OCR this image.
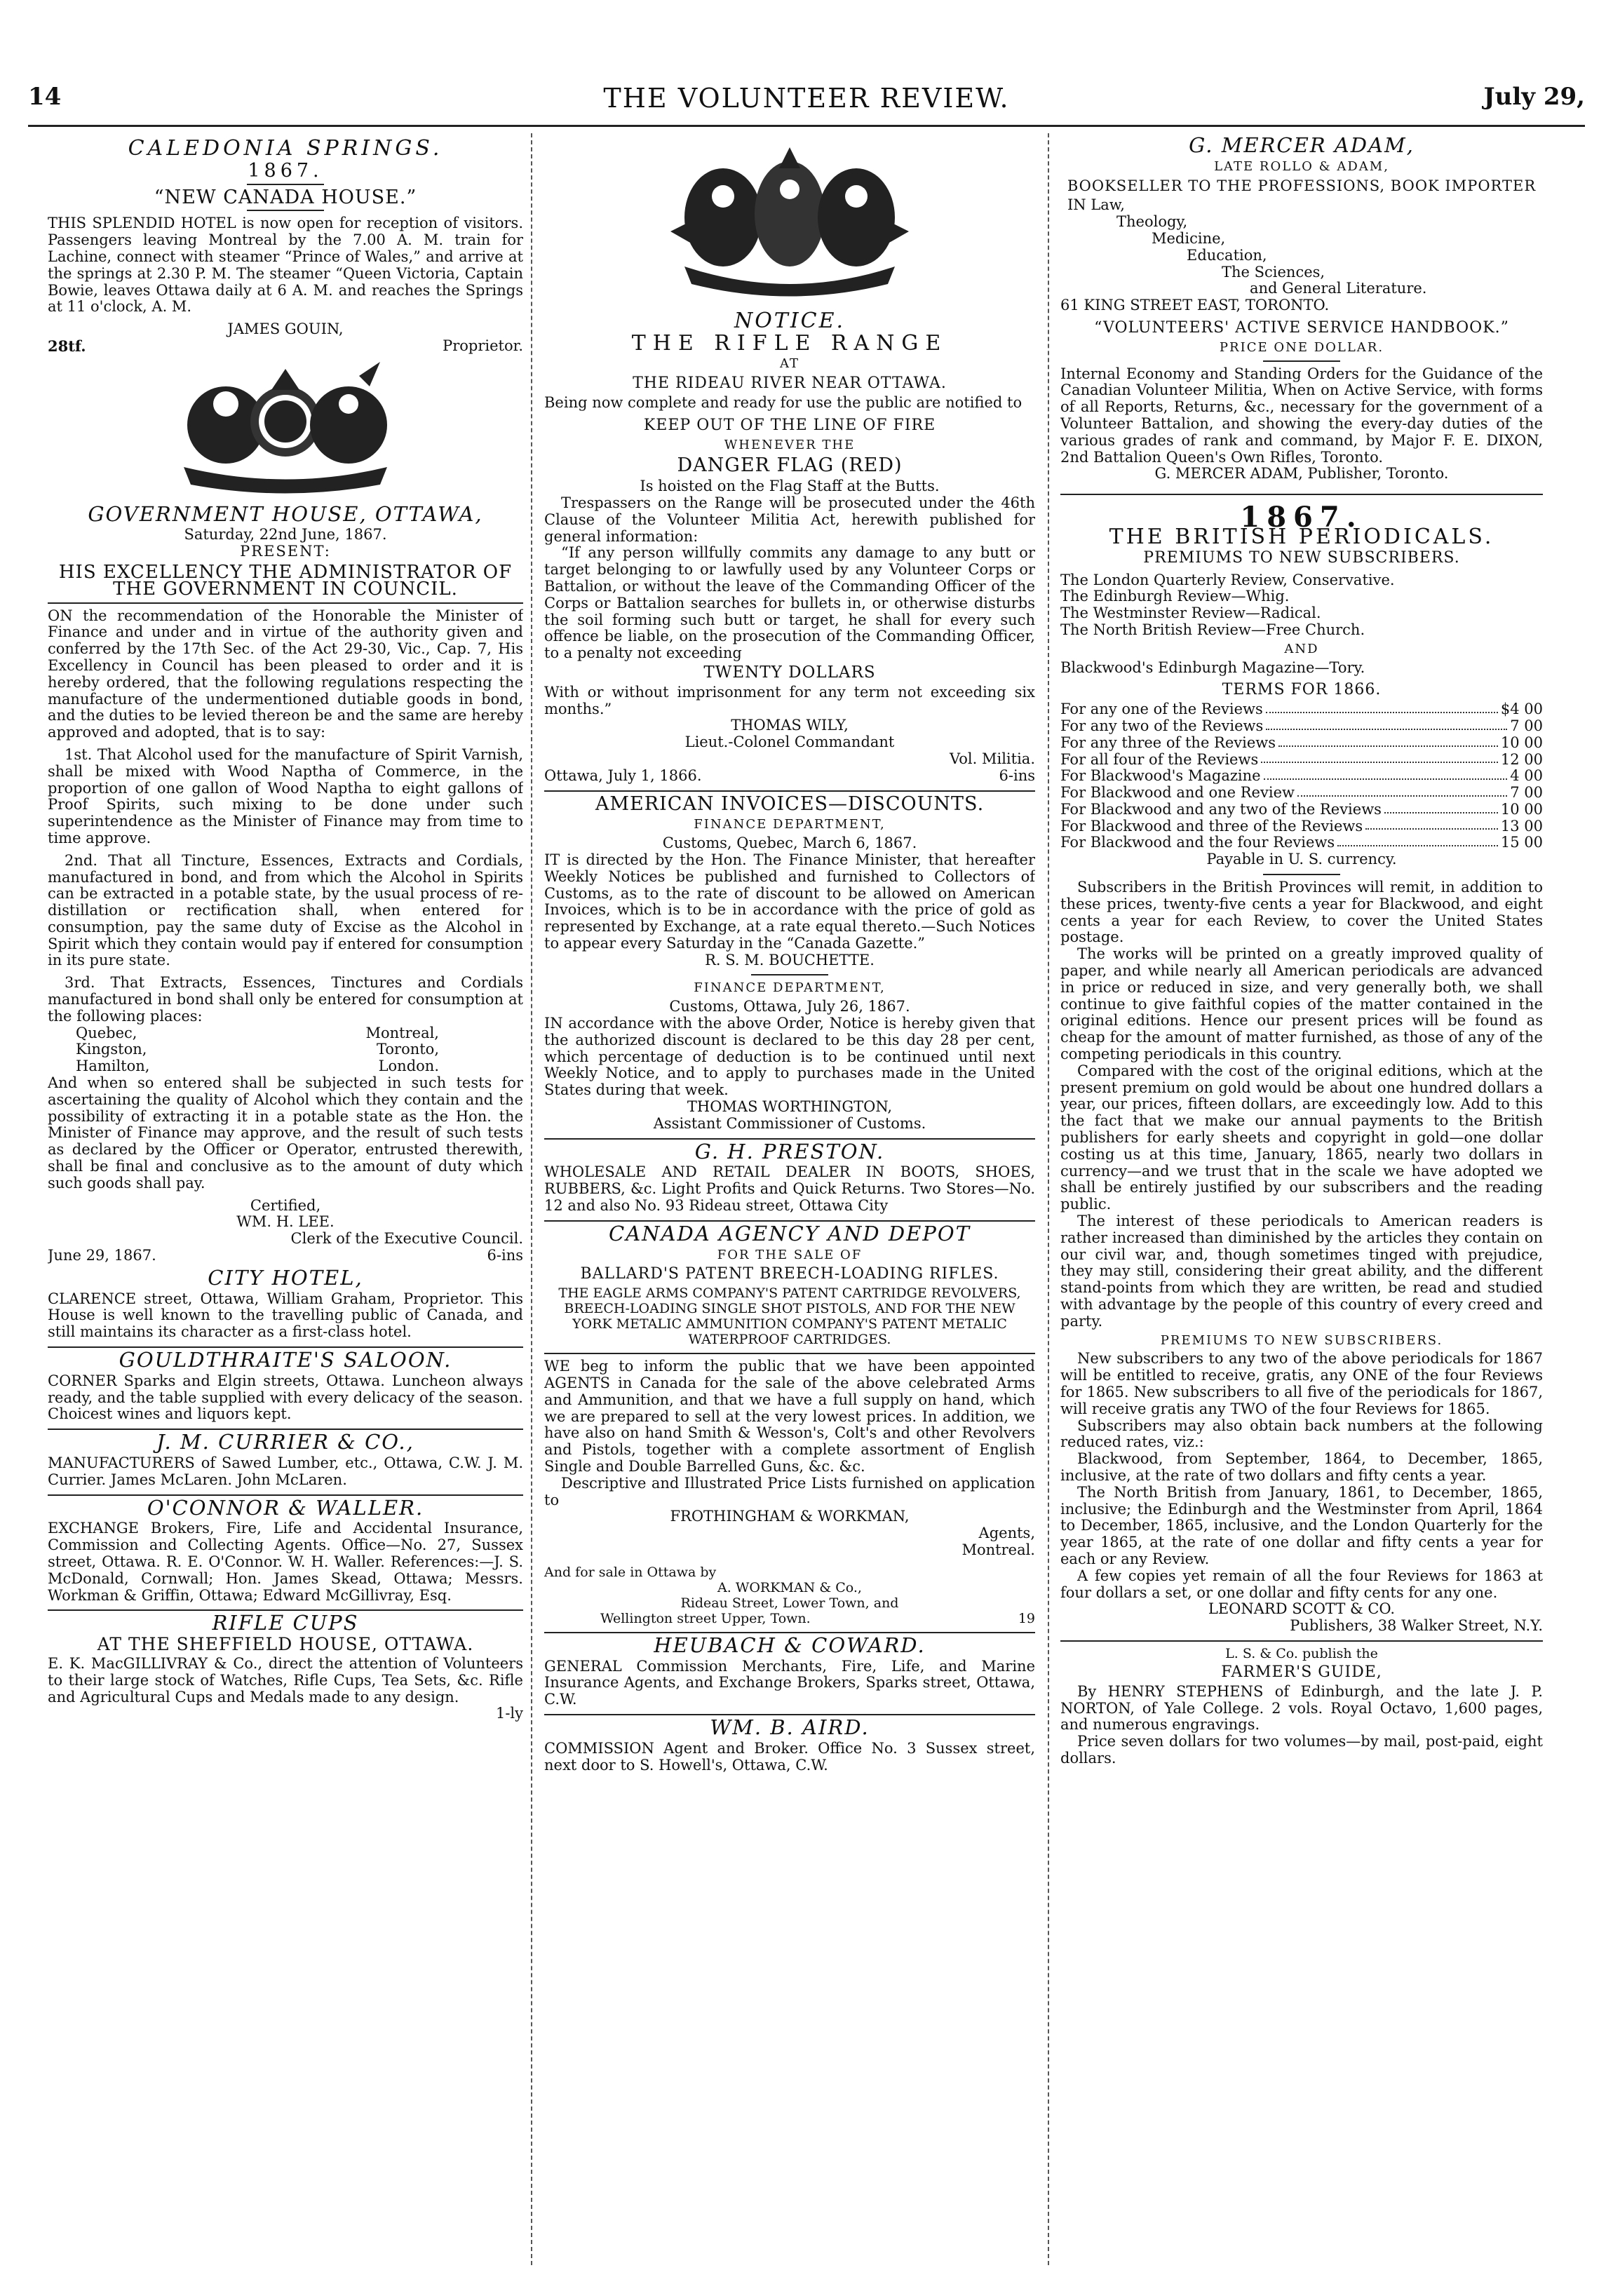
14	THE VOLUNTEER REVIEW.	July 29,
CALEDONIA SPRINGS.
1867.
“NEW CANADA HOUSE.”
THIS SPLENDID HOTEL is now open for reception of visitors. Passengers leaving Montreal by the 7.00 A. M. train for Lachine, connect with steamer “Prince of Wales,” and arrive at the springs at 2.30 P. M. The steamer “Queen Victoria, Captain Bowie, leaves Ottawa daily at 6 A. M. and reaches the Springs at 11 o'clock, A. M.
JAMES GOUIN,
28tf.	Proprietor.
GOVERNMENT HOUSE, OTTAWA,
Saturday, 22nd June, 1867.
PRESENT:
HIS EXCELLENCY THE ADMINISTRATOR OF THE GOVERNMENT IN COUNCIL.
ON the recommendation of the Honorable the Minister of Finance and under and in virtue of the authority given and conferred by the 17th Sec. of the Act 29-30, Vic., Cap. 7, His Excellency in Council has been pleased to order and it is hereby ordered, that the following regulations respecting the manufacture of the undermentioned dutiable goods in bond, and the duties to be levied thereon be and the same are hereby approved and adopted, that is to say:
1st. That Alcohol used for the manufacture of Spirit Varnish, shall be mixed with Wood Naptha of Commerce, in the proportion of one gallon of Wood Naptha to eight gallons of Proof Spirits, such mixing to be done under such superintendence as the Minister of Finance may from time to time approve.
2nd. That all Tincture, Essences, Extracts and Cordials, manufactured in bond, and from which the Alcohol in Spirits can be extracted in a potable state, by the usual process of re-distillation or rectification shall, when entered for consumption, pay the same duty of Excise as the Alcohol in Spirit which they contain would pay if entered for consumption in its pure state.
3rd. That Extracts, Essences, Tinctures and Cordials manufactured in bond shall only be entered for consumption at the following places:
Quebec,	Montreal,
Kingston,	Toronto,
Hamilton,	London.
And when so entered shall be subjected in such tests for ascertaining the quality of Alcohol which they contain and the possibility of extracting it in a potable state as the Hon. the Minister of Finance may approve, and the result of such tests as declared by the Officer or Operator, entrusted therewith, shall be final and conclusive as to the amount of duty which such goods shall pay.
Certified,
WM. H. LEE.
Clerk of the Executive Council.
June 29, 1867.	6-ins
CITY HOTEL,
CLARENCE street, Ottawa, William Graham, Proprietor. This House is well known to the travelling public of Canada, and still maintains its character as a first-class hotel.
GOULDTHRAITE'S SALOON.
CORNER Sparks and Elgin streets, Ottawa. Luncheon always ready, and the table supplied with every delicacy of the season. Choicest wines and liquors kept.
J. M. CURRIER & CO.,
MANUFACTURERS of Sawed Lumber, etc., Ottawa, C.W. J. M. Currier. James McLaren. John McLaren.
O'CONNOR & WALLER.
EXCHANGE Brokers, Fire, Life and Accidental Insurance, Commission and Collecting Agents. Office—No. 27, Sussex street, Ottawa. R. E. O'Connor. W. H. Waller. References:—J. S. McDonald, Cornwall; Hon. James Skead, Ottawa; Messrs. Workman & Griffin, Ottawa; Edward McGillivray, Esq.
RIFLE CUPS
AT THE SHEFFIELD HOUSE, OTTAWA.
E. K. MacGILLIVRAY & Co., direct the attention of Volunteers to their large stock of Watches, Rifle Cups, Tea Sets, &c. Rifle and Agricultural Cups and Medals made to any design.
1-ly
NOTICE.
THE RIFLE RANGE
AT
THE RIDEAU RIVER NEAR OTTAWA.
Being now complete and ready for use the public are notified to
KEEP OUT OF THE LINE OF FIRE
WHENEVER THE
DANGER FLAG (RED)
Is hoisted on the Flag Staff at the Butts.
Trespassers on the Range will be prosecuted under the 46th Clause of the Volunteer Militia Act, herewith published for general information:
“If any person willfully commits any damage to any butt or target belonging to or lawfully used by any Volunteer Corps or Battalion, or without the leave of the Commanding Officer of the Corps or Battalion searches for bullets in, or otherwise disturbs the soil forming such butt or target, he shall for every such offence be liable, on the prosecution of the Commanding Officer, to a penalty not exceeding
TWENTY DOLLARS
With or without imprisonment for any term not exceeding six months.”
THOMAS WILY,
Lieut.-Colonel Commandant
Vol. Militia.
Ottawa, July 1, 1866.	6-ins
AMERICAN INVOICES—DISCOUNTS.
FINANCE DEPARTMENT,
Customs, Quebec, March 6, 1867.
IT is directed by the Hon. The Finance Minister, that hereafter Weekly Notices be published and furnished to Collectors of Customs, as to the rate of discount to be allowed on American Invoices, which is to be in accordance with the price of gold as represented by Exchange, at a rate equal thereto.—Such Notices to appear every Saturday in the “Canada Gazette.”
R. S. M. BOUCHETTE.
FINANCE DEPARTMENT,
Customs, Ottawa, July 26, 1867.
IN accordance with the above Order, Notice is hereby given that the authorized discount is declared to be this day 28 per cent, which percentage of deduction is to be continued until next Weekly Notice, and to apply to purchases made in the United States during that week.
THOMAS WORTHINGTON,
Assistant Commissioner of Customs.
G. H. PRESTON.
WHOLESALE AND RETAIL DEALER IN BOOTS, SHOES, RUBBERS, &c. Light Profits and Quick Returns. Two Stores—No. 12 and also No. 93 Rideau street, Ottawa City
CANADA AGENCY AND DEPOT
FOR THE SALE OF
BALLARD'S PATENT BREECH-LOADING RIFLES.
THE EAGLE ARMS COMPANY'S PATENT CARTRIDGE REVOLVERS, BREECH-LOADING SINGLE SHOT PISTOLS, AND FOR THE NEW YORK METALIC AMMUNITION COMPANY'S PATENT METALIC WATERPROOF CARTRIDGES.
WE beg to inform the public that we have been appointed AGENTS in Canada for the sale of the above celebrated Arms and Ammunition, and that we have a full supply on hand, which we are prepared to sell at the very lowest prices. In addition, we have also on hand Smith & Wesson's, Colt's and other Revolvers and Pistols, together with a complete assortment of English Single and Double Barrelled Guns, &c. &c.
Descriptive and Illustrated Price Lists furnished on application to
FROTHINGHAM & WORKMAN,
Agents,
Montreal.
And for sale in Ottawa by
A. WORKMAN & Co.,
Rideau Street, Lower Town, and
Wellington street Upper, Town.	19
HEUBACH & COWARD.
GENERAL Commission Merchants, Fire, Life, and Marine Insurance Agents, and Exchange Brokers, Sparks street, Ottawa, C.W.
WM. B. AIRD.
COMMISSION Agent and Broker. Office No. 3 Sussex street, next door to S. Howell's, Ottawa, C.W.
G. MERCER ADAM,
LATE ROLLO & ADAM,
BOOKSELLER TO THE PROFESSIONS, BOOK IMPORTER
IN Law,
Theology,
Medicine,
Education,
The Sciences,
and General Literature.
61 KING STREET EAST, TORONTO.
“VOLUNTEERS' ACTIVE SERVICE HANDBOOK.”
PRICE ONE DOLLAR.
Internal Economy and Standing Orders for the Guidance of the Canadian Volunteer Militia, When on Active Service, with forms of all Reports, Returns, &c., necessary for the government of a Volunteer Battalion, and showing the every-day duties of the various grades of rank and command, by Major F. E. DIXON, 2nd Battalion Queen's Own Rifles, Toronto.
G. MERCER ADAM, Publisher, Toronto.
1867.
THE BRITISH PERIODICALS.
PREMIUMS TO NEW SUBSCRIBERS.
The London Quarterly Review, Conservative.
The Edinburgh Review—Whig.
The Westminster Review—Radical.
The North British Review—Free Church.
AND
Blackwood's Edinburgh Magazine—Tory.
TERMS FOR 1866.
For any one of the Reviews	$4 00
For any two of the Reviews	7 00
For any three of the Reviews	10 00
For all four of the Reviews	12 00
For Blackwood's Magazine	4 00
For Blackwood and one Review	7 00
For Blackwood and any two of the Reviews	10 00
For Blackwood and three of the Reviews	13 00
For Blackwood and the four Reviews	15 00
Payable in U. S. currency.
Subscribers in the British Provinces will remit, in addition to these prices, twenty-five cents a year for Blackwood, and eight cents a year for each Review, to cover the United States postage.
The works will be printed on a greatly improved quality of paper, and while nearly all American periodicals are advanced in price or reduced in size, and very generally both, we shall continue to give faithful copies of the matter contained in the original editions. Hence our present prices will be found as cheap for the amount of matter furnished, as those of any of the competing periodicals in this country.
Compared with the cost of the original editions, which at the present premium on gold would be about one hundred dollars a year, our prices, fifteen dollars, are exceedingly low. Add to this the fact that we make our annual payments to the British publishers for early sheets and copyright in gold—one dollar costing us at this time, January, 1865, nearly two dollars in currency—and we trust that in the scale we have adopted we shall be entirely justified by our subscribers and the reading public.
The interest of these periodicals to American readers is rather increased than diminished by the articles they contain on our civil war, and, though sometimes tinged with prejudice, they may still, considering their great ability, and the different stand-points from which they are written, be read and studied with advantage by the people of this country of every creed and party.
PREMIUMS TO NEW SUBSCRIBERS.
New subscribers to any two of the above periodicals for 1867 will be entitled to receive, gratis, any ONE of the four Reviews for 1865. New subscribers to all five of the periodicals for 1867, will receive gratis any TWO of the four Reviews for 1865.
Subscribers may also obtain back numbers at the following reduced rates, viz.:
Blackwood, from September, 1864, to December, 1865, inclusive, at the rate of two dollars and fifty cents a year.
The North British from January, 1861, to December, 1865, inclusive; the Edinburgh and the Westminster from April, 1864 to December, 1865, inclusive, and the London Quarterly for the year 1865, at the rate of one dollar and fifty cents a year for each or any Review.
A few copies yet remain of all the four Reviews for 1863 at four dollars a set, or one dollar and fifty cents for any one.
LEONARD SCOTT & CO.
Publishers, 38 Walker Street, N.Y.
L. S. & Co. publish the
FARMER'S GUIDE,
By HENRY STEPHENS of Edinburgh, and the late J. P. NORTON, of Yale College. 2 vols. Royal Octavo, 1,600 pages, and numerous engravings.
Price seven dollars for two volumes—by mail, post-paid, eight dollars.
